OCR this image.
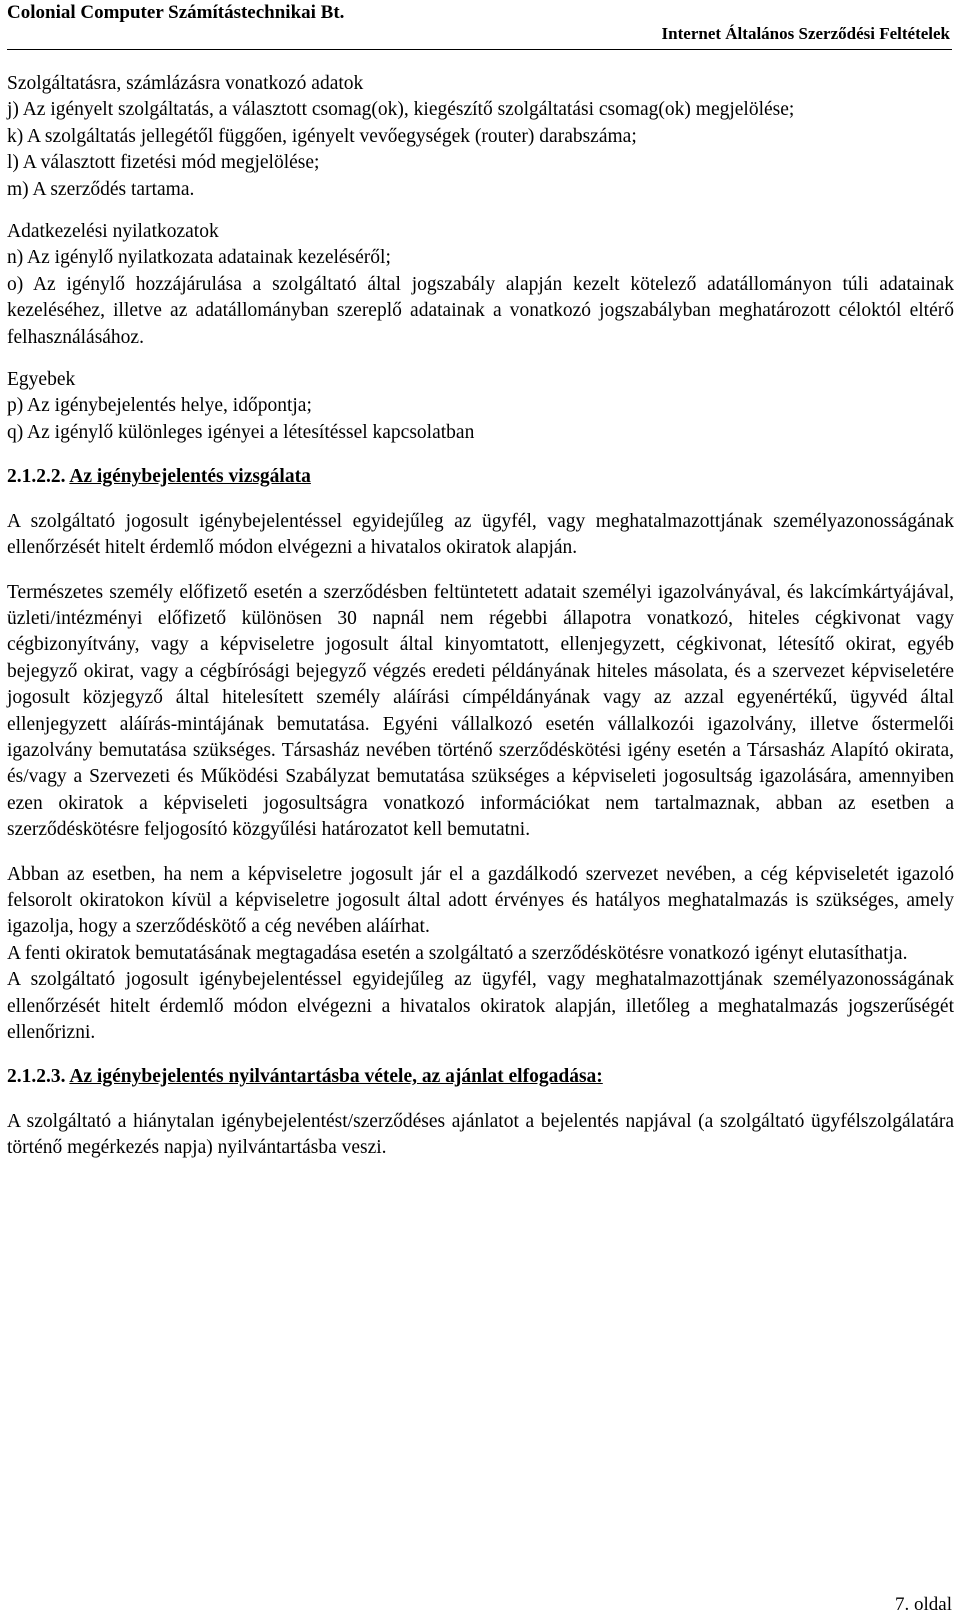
Colonial Computer Számítástechnikai Bt.
Internet Általános Szerződési Feltételek
Szolgáltatásra, számlázásra vonatkozó adatok

j) Az igényelt szolgáltatás, a választott csomag(ok), kiegészítő szolgáltatási csomag(ok) megjelölése;

k) A szolgáltatás jellegétől függően, igényelt vevőegységek (router) darabszáma;
l) A választott fizetési mód megjelölése;
m) A szerződés tartama.
Adatkezelési nyilatkozatok
n) Az igénylő nyilatkozata adatainak kezeléséről;

o) Az igénylő hozzájárulása a szolgáltató által jogszabály alapján kezelt kötelező adatállományon túli adatainak kezeléséhez, illetve az adatállományban szereplő adatainak a vonatkozó jogszabályban meghatározott céloktól eltérő felhasználásához.

Egyebek
p) Az igénybejelentés helye, időpontja;
q) Az igénylő különleges igényei a létesítéssel kapcsolatban
2.1.2.2. Az igénybejelentés vizsgálata

A szolgáltató jogosult igénybejelentéssel egyidejűleg az ügyfél, vagy meghatalmazottjának személyazonosságának ellenőrzését hitelt érdemlő módon elvégezni a hivatalos okiratok alapján.

Természetes személy előfizető esetén a szerződésben feltüntetett adatait személyi igazolványával, és lakcímkártyájával, üzleti/intézményi előfizető különösen 30 napnál nem régebbi állapotra vonatkozó, hiteles cégkivonat vagy cégbizonyítvány, vagy a képviseletre jogosult által kinyomtatott, ellenjegyzett, cégkivonat, létesítő okirat, egyéb bejegyző okirat, vagy a cégbírósági bejegyző végzés eredeti példányának hiteles másolata, és a szervezet képviseletére jogosult közjegyző által hitelesített személy aláírási címpéldányának vagy az azzal egyenértékű, ügyvéd által ellenjegyzett aláírás-mintájának bemutatása. Egyéni vállalkozó esetén vállalkozói igazolvány, illetve őstermelői igazolvány bemutatása szükséges. Társasház nevében történő szerződéskötési igény esetén a Társasház Alapító okirata, és/vagy a Szervezeti és Működési Szabályzat bemutatása szükséges a képviseleti jogosultság igazolására, amennyiben ezen okiratok a képviseleti jogosultságra vonatkozó információkat nem tartalmaznak, abban az esetben a szerződéskötésre feljogosító közgyűlési határozatot kell bemutatni.

Abban az esetben, ha nem a képviseletre jogosult jár el a gazdálkodó szervezet nevében, a cég képviseletét igazoló felsorolt okiratokon kívül a képviseletre jogosult által adott érvényes és hatályos meghatalmazás is szükséges, amely igazolja, hogy a szerződéskötő a cég nevében aláírhat.

A fenti okiratok bemutatásának megtagadása esetén a szolgáltató a szerződéskötésre vonatkozó igényt elutasíthatja.

A szolgáltató jogosult igénybejelentéssel egyidejűleg az ügyfél, vagy meghatalmazottjának személyazonosságának ellenőrzését hitelt érdemlő módon elvégezni a hivatalos okiratok alapján, illetőleg a meghatalmazás jogszerűségét ellenőrizni.

2.1.2.3. Az igénybejelentés nyilvántartásba vétele, az ajánlat elfogadása:

A szolgáltató a hiánytalan igénybejelentést/szerződéses ajánlatot a bejelentés napjával (a szolgáltató ügyfélszolgálatára történő megérkezés napja) nyilvántartásba veszi.

7. oldal
